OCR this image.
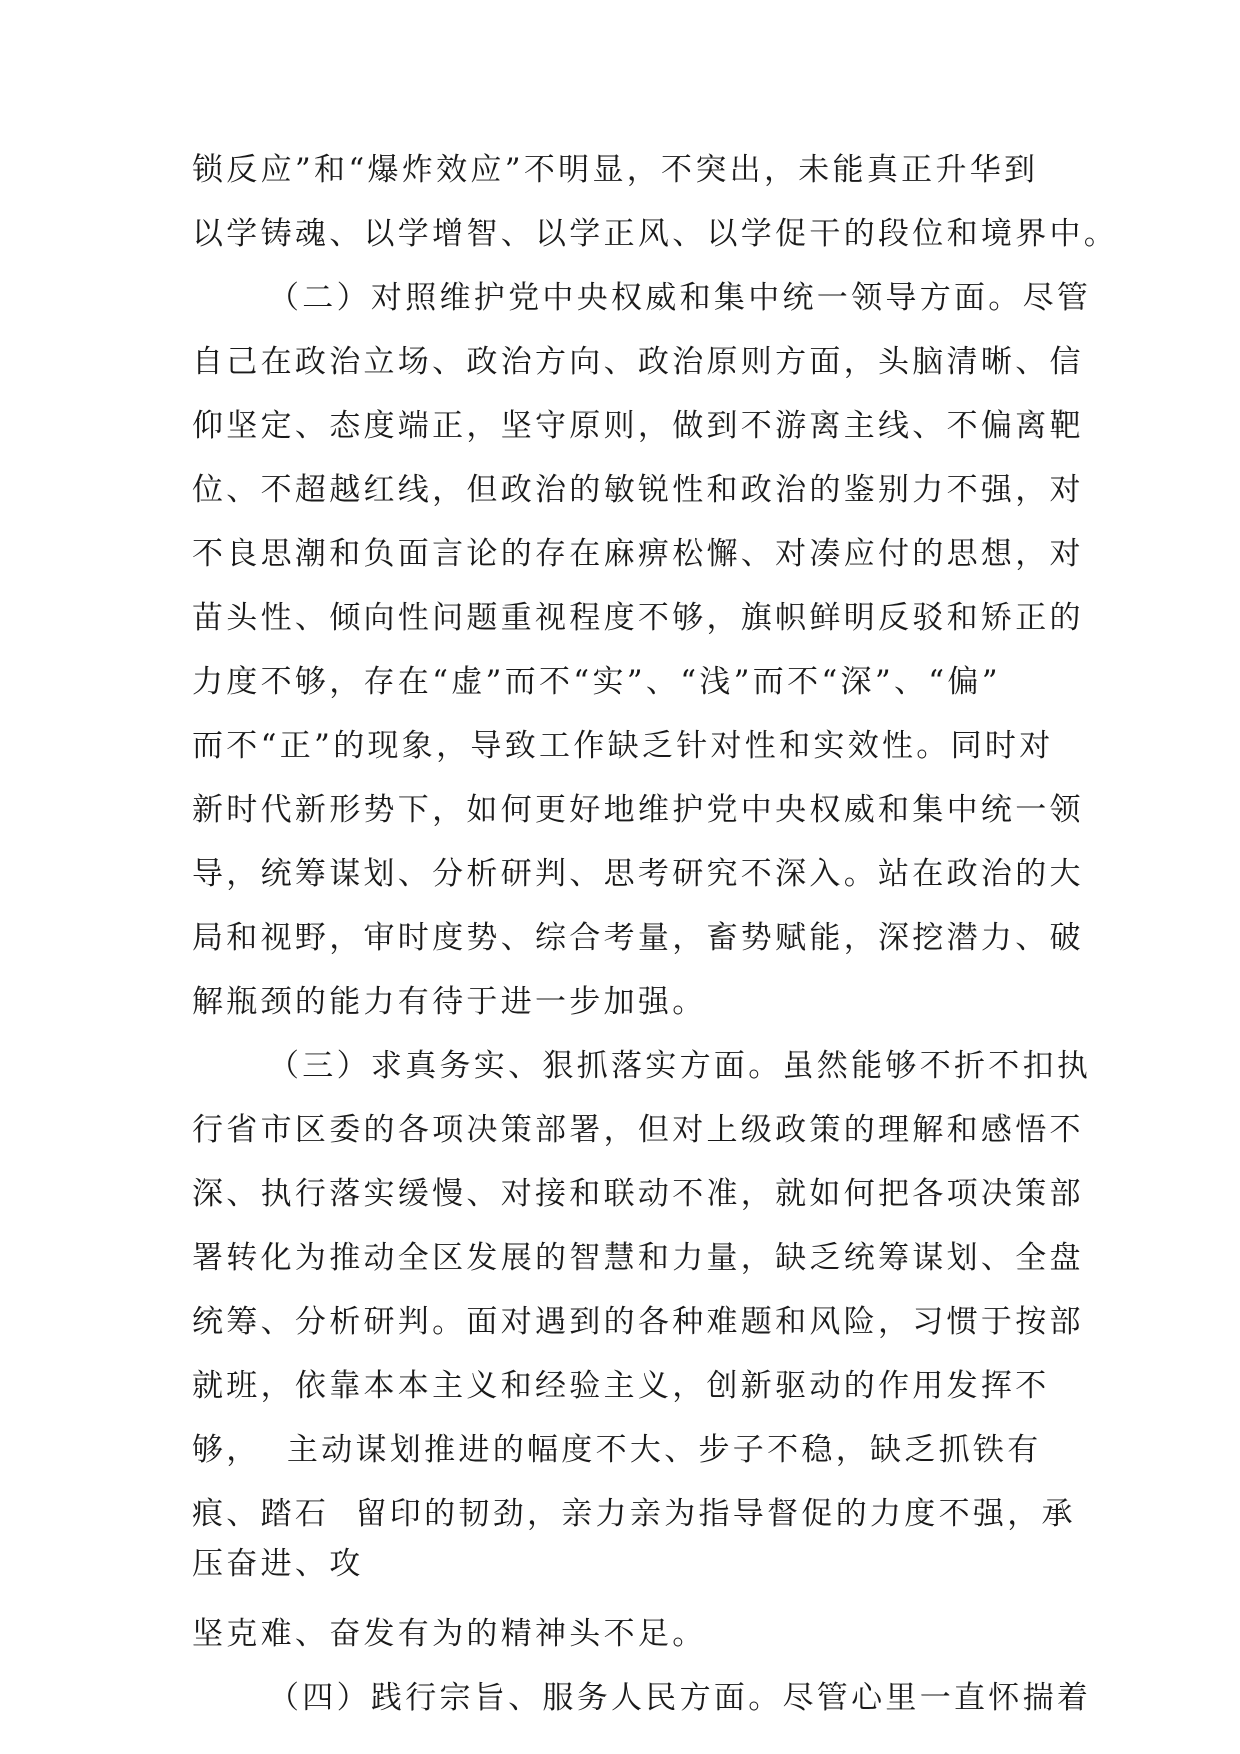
锁反应”和“爆炸效应”不明显，不突出，未能真正升华到
以学铸魂、以学增智、以学正风、以学促干的段位和境界中。
（二）对照维护党中央权威和集中统一领导方面。尽管
自己在政治立场、政治方向、政治原则方面，头脑清晰、信
仰坚定、态度端正，坚守原则，做到不游离主线、不偏离靶
位、不超越红线，但政治的敏锐性和政治的鉴别力不强，对
不良思潮和负面言论的存在麻痹松懈、对凑应付的思想，对
苗头性、倾向性问题重视程度不够，旗帜鲜明反驳和矫正的
力度不够，存在“虚”而不“实”、“浅”而不“深”、“偏”
而不“正”的现象，导致工作缺乏针对性和实效性。同时对
新时代新形势下，如何更好地维护党中央权威和集中统一领
导，统筹谋划、分析研判、思考研究不深入。站在政治的大
局和视野，审时度势、综合考量，畜势赋能，深挖潜力、破
解瓶颈的能力有待于进一步加强。
（三）求真务实、狠抓落实方面。虽然能够不折不扣执
行省市区委的各项决策部署，但对上级政策的理解和感悟不
深、执行落实缓慢、对接和联动不准，就如何把各项决策部
署转化为推动全区发展的智慧和力量，缺乏统筹谋划、全盘
统筹、分析研判。面对遇到的各种难题和风险，习惯于按部
就班，依靠本本主义和经验主义，创新驱动的作用发挥不
够，  主动谋划推进的幅度不大、步子不稳，缺乏抓铁有
痕、踏石  留印的韧劲，亲力亲为指导督促的力度不强，承
压奋进、攻
坚克难、奋发有为的精神头不足。
（四）践行宗旨、服务人民方面。尽管心里一直怀揣着
